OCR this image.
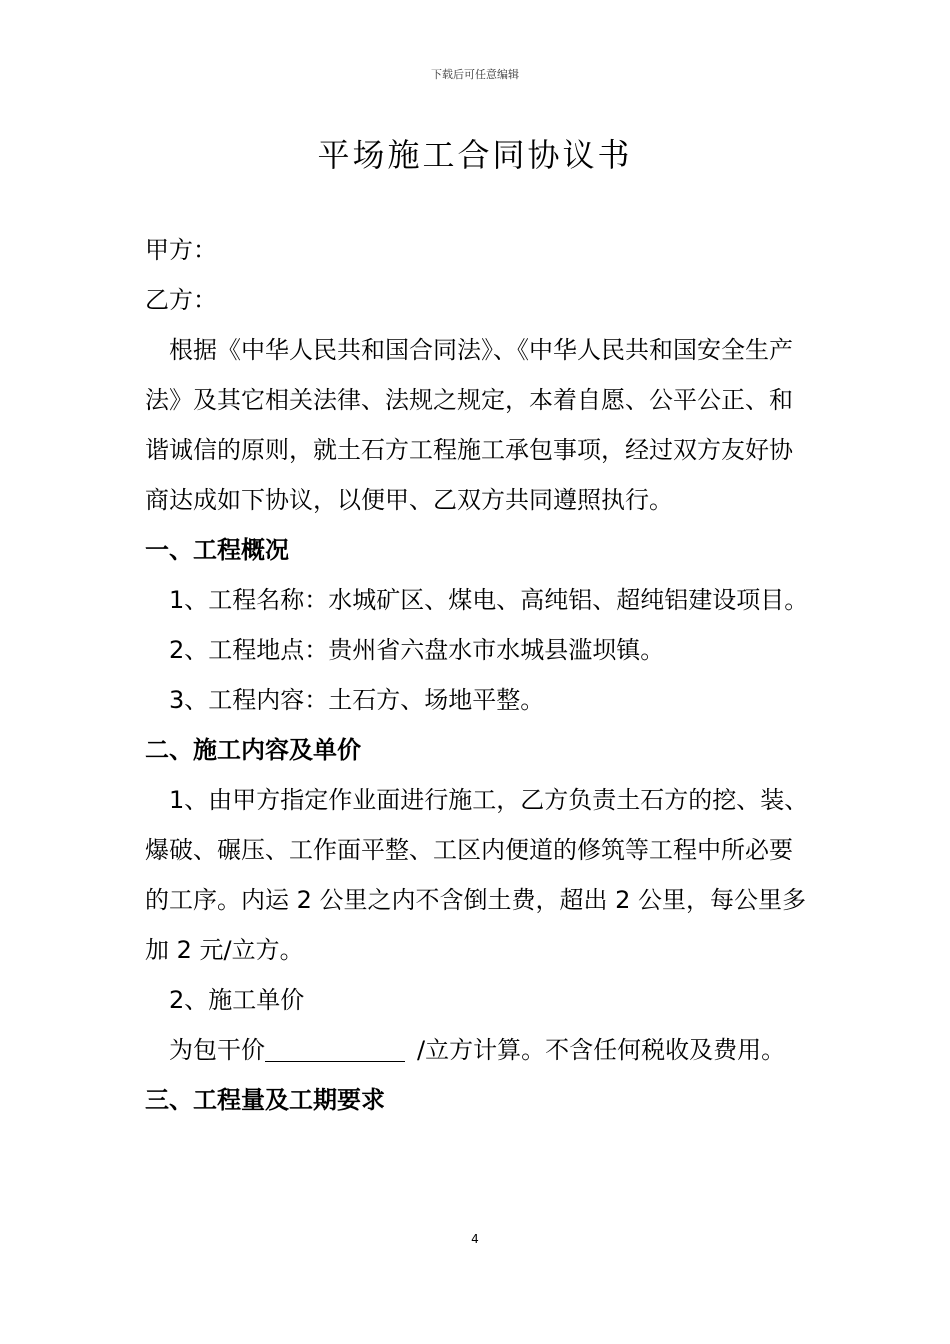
下载后可任意编辑
平场施工合同协议书

甲方：

乙方：

根据《中华人民共和国合同法》、《中华人民共和国安全生产法》及其它相关法律、法规之规定，本着自愿、公平公正、和谐诚信的原则，就土石方工程施工承包事项，经过双方友好协商达成如下协议，以便甲、乙双方共同遵照执行。

一、工程概况

1、工程名称：水城矿区、煤电、高纯铝、超纯铝建设项目。

2、工程地点：贵州省六盘水市水城县滥坝镇。

3、工程内容：土石方、场地平整。

二、施工内容及单价

1、由甲方指定作业面进行施工，乙方负责土石方的挖、装、爆破、碾压、工作面平整、工区内便道的修筑等工程中所必要的工序。内运 2 公里之内不含倒土费，超出 2 公里，每公里多加 2 元/立方。

2、施工单价

为包干价	/立方计算。不含任何税收及费用。

三、工程量及工期要求

4
